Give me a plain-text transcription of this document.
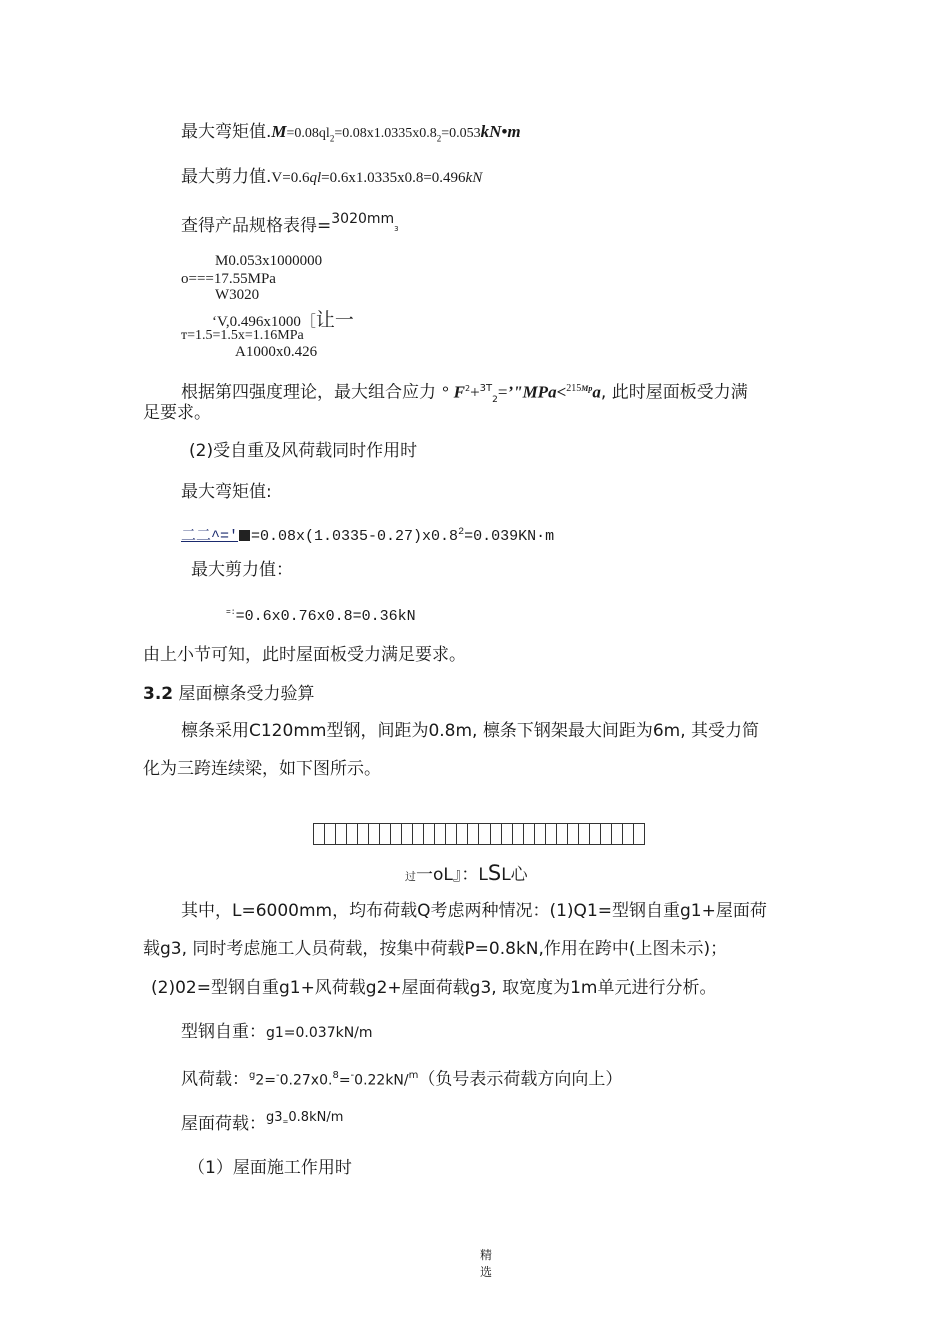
最大弯矩值$.M=0.08ql_2=0.08x1.0335x0.8_2=0.053kN•m$
最大剪力值.V=0.6ql=0.6x1.0335x0.8=0.496kN
查得产品规格表得=$^{3020mm}$3
M0.053x1000000
o===17.55MPa
W3020
‘V,0.496x1000［让一
т=1.5=1.5x=1.16MPa
A1000x0.426
根据第四强度理论，最大组合应力 ° $F^2+^{3T}_2=’"MPa<^{215Mp}a$, 此时屋面板受力满
足要求。
(2)受自重及风荷载同时作用时
最大弯矩值:
二二^=' $=0.08x(1.0335-0.27)x0.8^2=0.039KN\cdot m$
最大剪力值：
=:=0.6x0.76x0.8=0.36kN
由上小节可知，此时屋面板受力满足要求。
3.2 屋面檩条受力验算
檩条采用C120mm型钢，间距为0.8m, 檩条下钢架最大间距为6m, 其受力简
化为三跨连续梁，如下图所示。
过一oL』：LSL心
其中，L=6000mm，均布荷载Q考虑两种情况：(1)Q1=型钢自重g1+屋面荷
载g3, 同时考虑施工人员荷载，按集中荷载P=0.8kN,作用在跨中(上图未示)；
(2)02=型钢自重g1+风荷载g2+屋面荷载g3, 取宽度为1m单元进行分析。
型钢自重：g1=0.037kN/m
风荷载：$^g$2=-0.27x0.$^8$=-0.22kN/$^m$（负号表示荷载方向向上）
屋面荷载：$^{g3=0.8kN/m}$
（1）屋面施工作用时
精
选
